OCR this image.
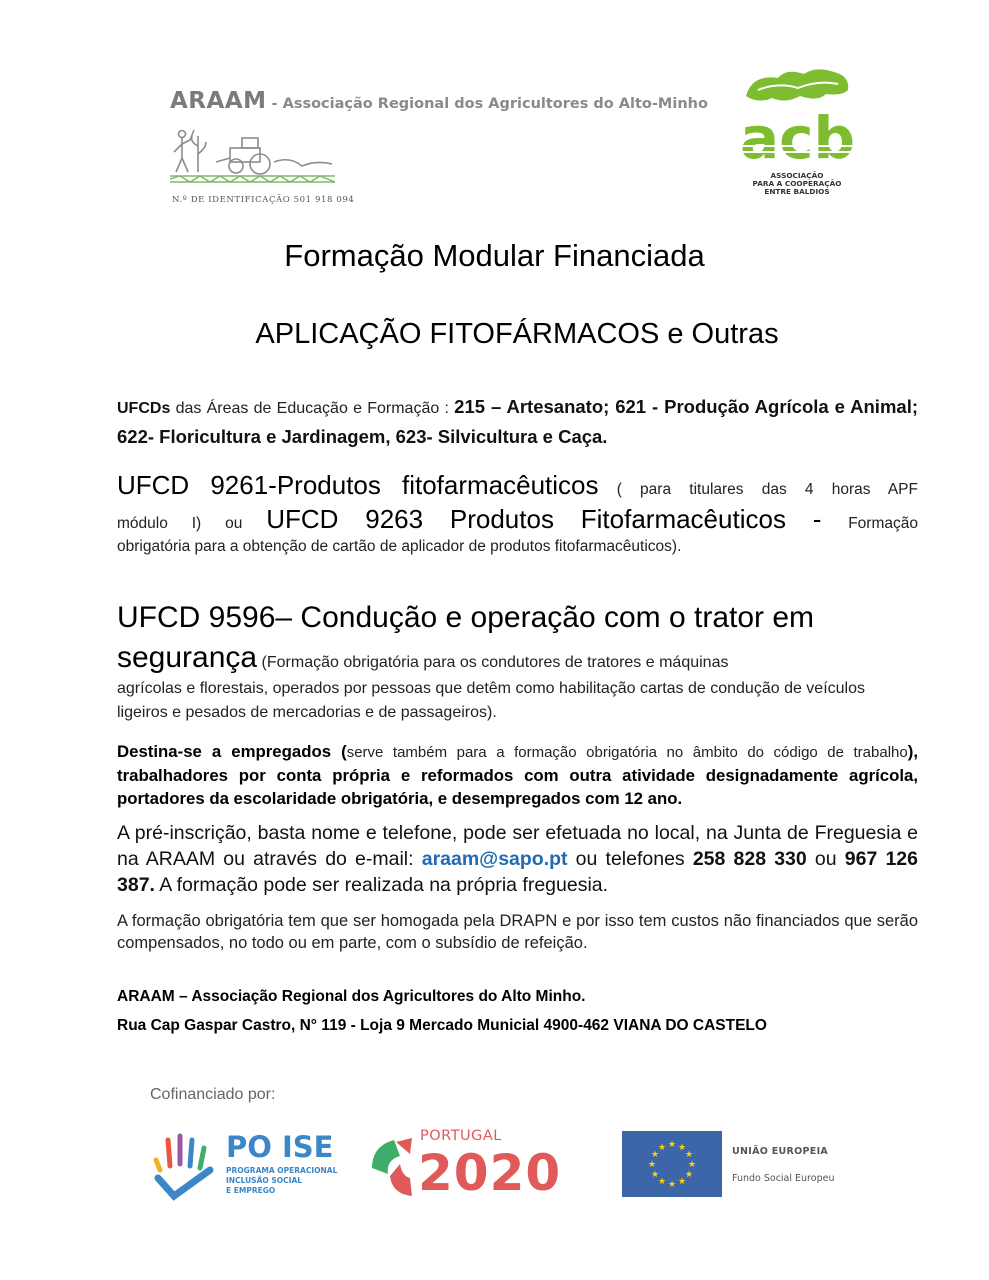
ARAAM - Associação Regional dos Agricultores do Alto-Minho
N.º DE IDENTIFICAÇÃO 501 918 094
acb
ASSOCIAÇÃO
PARA A COOPERAÇÃO
ENTRE BALDIOS
Formação Modular Financiada
APLICAÇÃO FITOFÁRMACOS e Outras
UFCDs das Áreas de Educação e Formação : 215 – Artesanato; 621 - Produção Agrícola e Animal; 622- Floricultura e Jardinagem, 623- Silvicultura e Caça.
UFCD 9261-Produtos fitofarmacêuticos ( para titulares das 4 horas APF
módulo I) ou UFCD 9263 Produtos Fitofarmacêuticos - Formação
obrigatória para a obtenção de cartão de aplicador de produtos fitofarmacêuticos).
UFCD 9596– Condução e operação com o trator em
segurança (Formação obrigatória para os condutores de tratores e máquinas
agrícolas e florestais, operados por pessoas que detêm como habilitação cartas de condução de veículos ligeiros e pesados de mercadorias e de passageiros).
Destina-se a empregados (serve também para a formação obrigatória no âmbito do código de trabalho), trabalhadores por conta própria e reformados com outra atividade designadamente agrícola, portadores da escolaridade obrigatória, e desempregados com 12 ano.
A pré-inscrição, basta nome e telefone, pode ser efetuada no local, na Junta de Freguesia e na ARAAM ou através do e-mail: araam@sapo.pt ou telefones 258 828 330 ou 967 126 387. A formação pode ser realizada na própria freguesia.
A formação obrigatória tem que ser homogada pela DRAPN e por isso tem custos não financiados que serão compensados, no todo ou em parte, com o subsídio de refeição.
ARAAM – Associação Regional dos Agricultores do Alto Minho.
Rua Cap Gaspar Castro, N° 119 - Loja 9 Mercado Municial 4900-462 VIANA DO CASTELO
Cofinanciado por:
PO ISE
PROGRAMA OPERACIONAL
INCLUSÃO SOCIAL
E EMPREGO
PORTUGAL
2020	★ ★
★
★
★
★
★
★
★
★
★
★	UNIÃO EUROPEIA
Fundo Social Europeu
